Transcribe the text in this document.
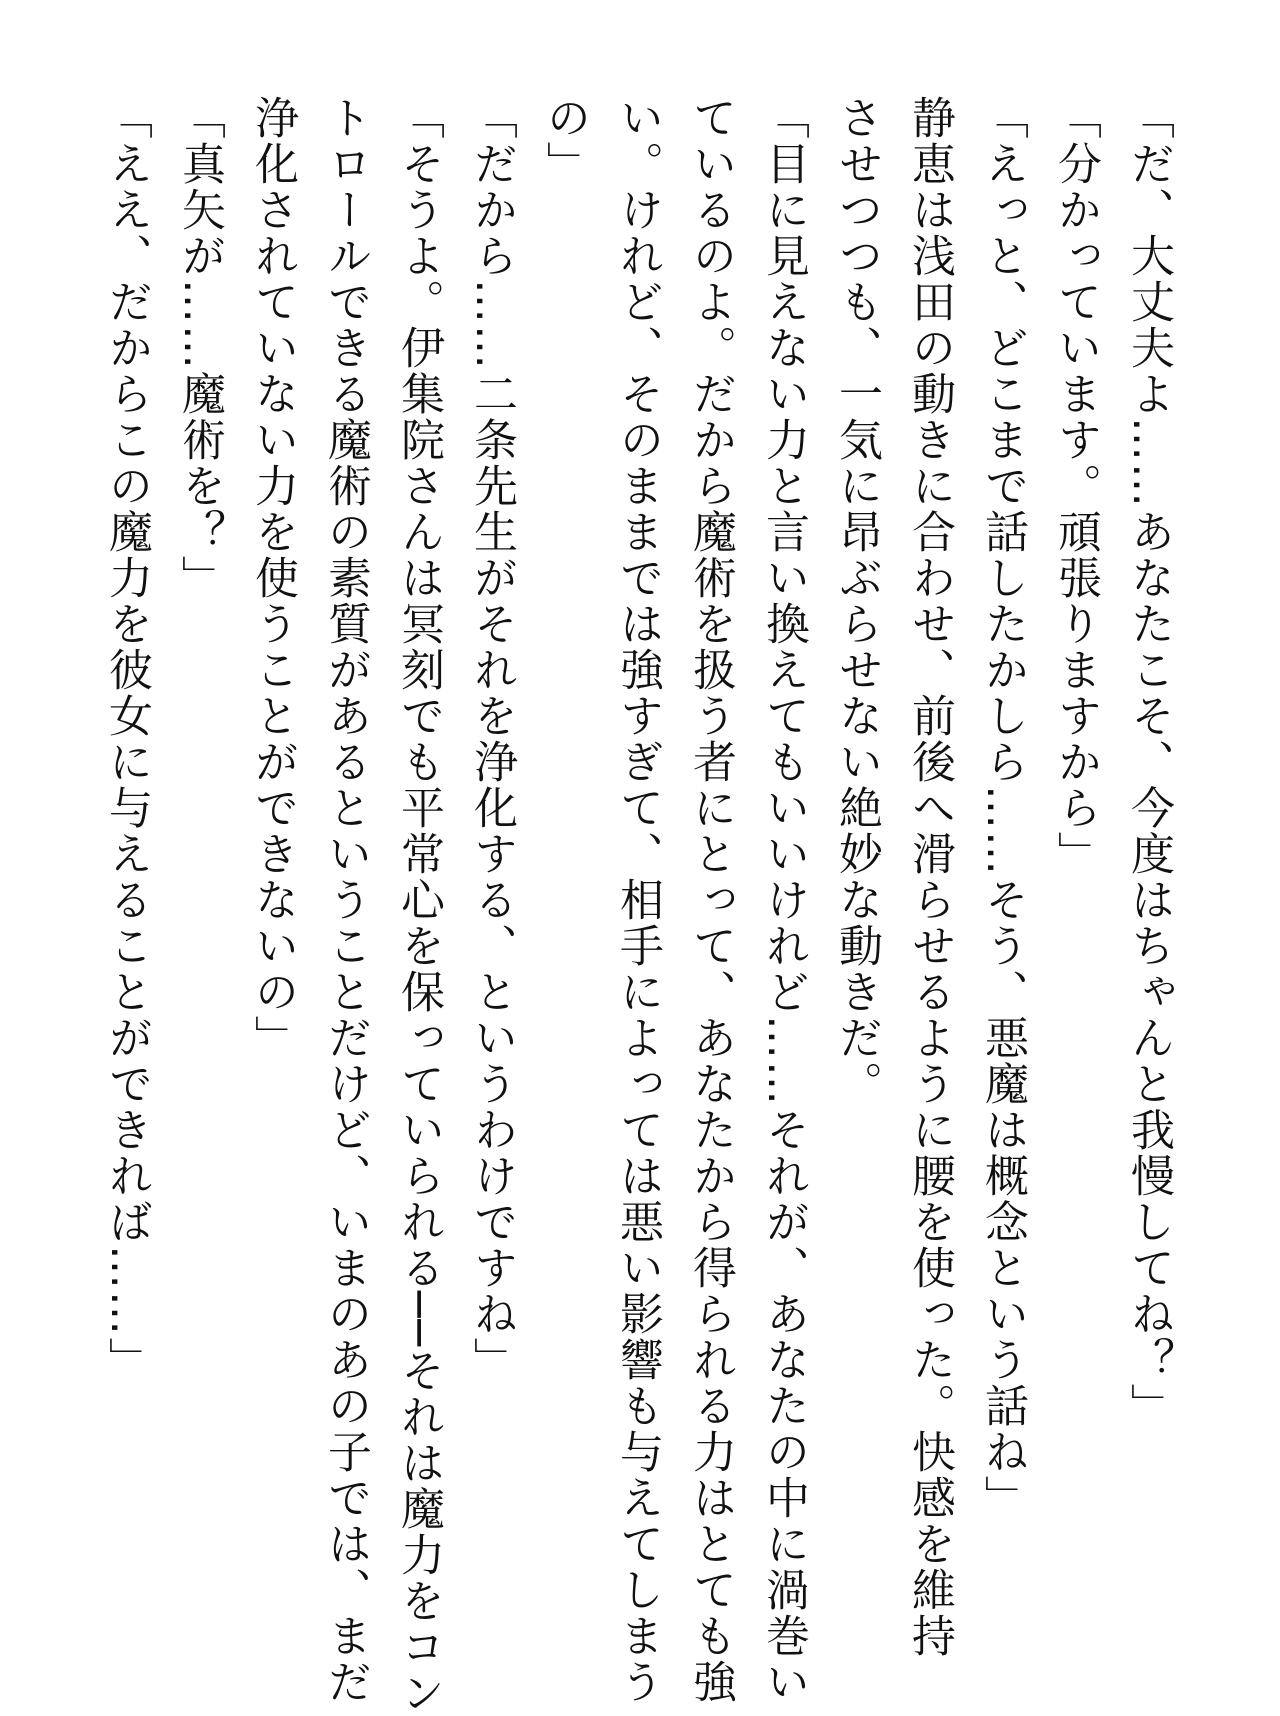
「だ、大丈夫よ……あなたこそ、今度はちゃんと我慢してね？」

「分かっています。頑張りますから」

「えっと、どこまで話したかしら……そう、悪魔は概念という話ね」

静恵は浅田の動きに合わせ、前後へ滑らせるように腰を使った。快感を維持

させつつも、一気に昂ぶらせない絶妙な動きだ。

「目に見えない力と言い換えてもいいけれど……それが、あなたの中に渦巻い

ているのよ。だから魔術を扱う者にとって、あなたから得られる力はとても強

い。けれど、そのままでは強すぎて、相手によっては悪い影響も与えてしまう

の」

「だから……二条先生がそれを浄化する、というわけですね」

「そうよ。伊集院さんは冥刻でも平常心を保っていられる──それは魔力をコン

トロールできる魔術の素質があるということだけど、いまのあの子では、まだ

浄化されていない力を使うことができないの」

「真矢が……魔術を？」

「ええ、だからこの魔力を彼女に与えることができれば……」
